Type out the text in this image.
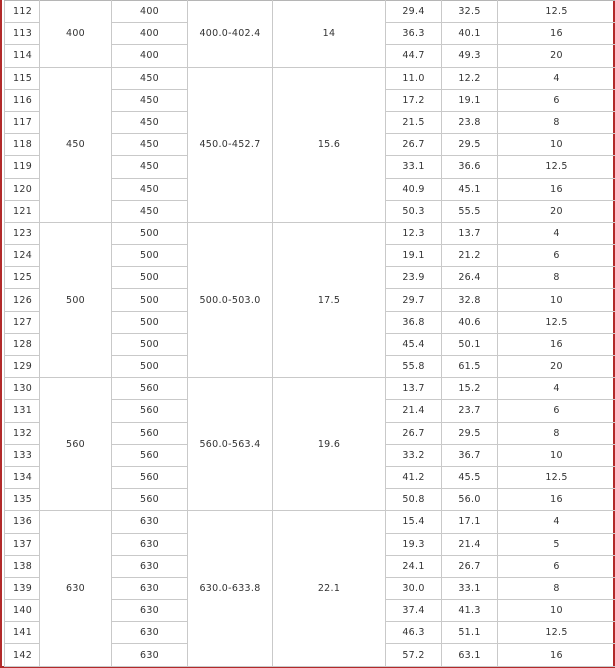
112	400	400	400.0-402.4	14	29.4	32.5	12.5
113		400			36.3	40.1	16
114		400			44.7	49.3	20
115	450	450	450.0-452.7	15.6	11.0	12.2	4
116		450			17.2	19.1	6
117		450			21.5	23.8	8
118		450			26.7	29.5	10
119		450			33.1	36.6	12.5
120		450			40.9	45.1	16
121		450			50.3	55.5	20
123	500	500	500.0-503.0	17.5	12.3	13.7	4
124		500			19.1	21.2	6
125		500			23.9	26.4	8
126		500			29.7	32.8	10
127		500			36.8	40.6	12.5
128		500			45.4	50.1	16
129		500			55.8	61.5	20
130	560	560	560.0-563.4	19.6	13.7	15.2	4
131		560			21.4	23.7	6
132		560			26.7	29.5	8
133		560			33.2	36.7	10
134		560			41.2	45.5	12.5
135		560			50.8	56.0	16
136	630	630	630.0-633.8	22.1	15.4	17.1	4
137		630			19.3	21.4	5
138		630			24.1	26.7	6
139		630			30.0	33.1	8
140		630			37.4	41.3	10
141		630			46.3	51.1	12.5
142		630			57.2	63.1	16
